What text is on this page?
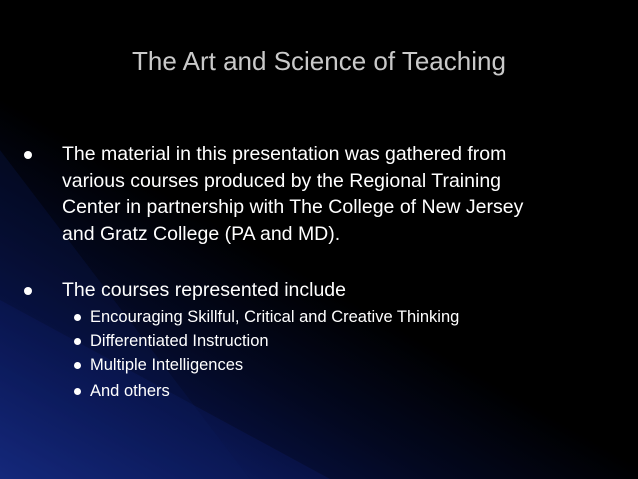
The Art and Science of Teaching
The material in this presentation was gathered from
various courses produced by the Regional Training
Center in partnership with The College of New Jersey
and Gratz College (PA and MD).
The courses represented include
Encouraging Skillful, Critical and Creative Thinking
Differentiated Instruction
Multiple Intelligences
And others
